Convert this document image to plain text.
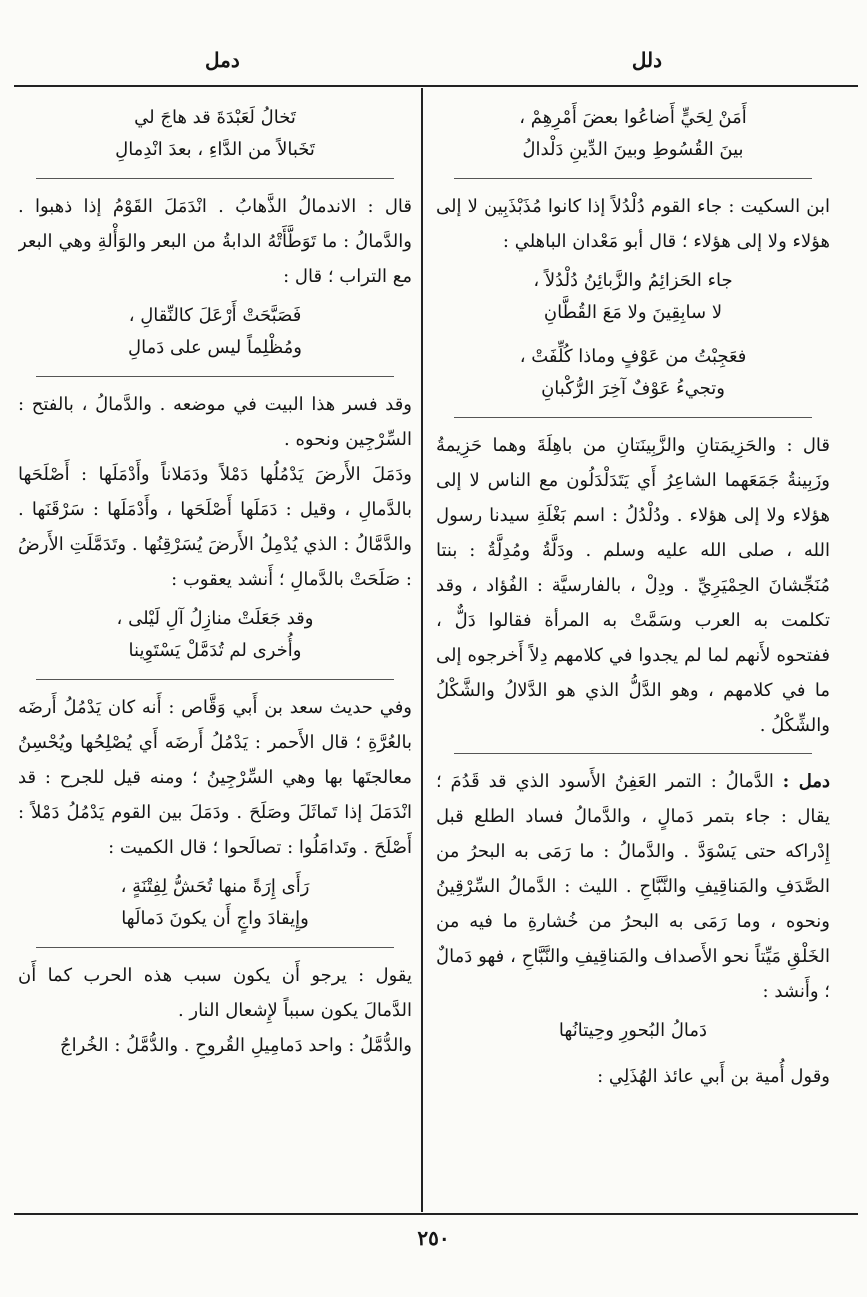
دلل
دمل
أَمَنْ لِحَيٍّ أَضاعُوا بعضَ أَمْرِهِمْ ،
بينَ القُسُوطِ وبينَ الدِّينِ دَلْدالُ

ابن السكيت : جاء القوم دُلْدُلاً إذا كانوا مُذَبْذَبِين لا إلى هؤلاء ولا إلى هؤلاء ؛ قال أبو مَعْدان الباهلي :

جاء الحَزائِمُ والزَّبائِنُ دُلْدُلاً ،
لا سابِقِينَ ولا مَعَ القُطَّانِ
فعَجِبْتُ من عَوْفٍ وماذا كُلِّفَتْ ،
وتجيءُ عَوْفٌ آخِرَ الرُّكْبانِ

قال : والحَزِيمَتانِ والزَّبِينَتانِ من باهِلَةَ وهما حَزِيمةُ وزَبِينةُ جَمَعَهما الشاعِرُ أَي يَتَدَلْدَلُون مع الناس لا إلى هؤلاء ولا إلى هؤلاء . ودُلْدُلُ : اسم بَغْلَةِ سيدنا رسول الله ، صلى الله عليه وسلم . ودَلَّةُ ومُدِلَّةُ : بنتا مُنَجِّشانَ الحِمْيَرِيِّ . ودِلْ ، بالفارسيَّة : الفُؤاد ، وقد تكلمت به العرب وسَمَّتْ به المرأة فقالوا دَلٌّ ، ففتحوه لأَنهم لما لم يجدوا في كلامهم دِلاً أَخرجوه إلى ما في كلامهم ، وهو الدَّلُّ الذي هو الدَّلالُ والشَّكْلُ والشِّكْلُ .

دمل : الدَّمالُ : التمر العَفِنُ الأَسود الذي قد قَدُمَ ؛ يقال : جاء بتمر دَمالٍ ، والدَّمالُ فساد الطلع قبل إِدْراكه حتى يَسْوَدَّ . والدَّمالُ : ما رَمَى به البحرُ من الصَّدَفِ والمَناقِيفِ والنَّبَّاحِ . الليث : الدَّمالُ السِّرْقِينُ ونحوه ، وما رَمَى به البحرُ من خُشارةِ ما فيه من الخَلْقِ مَيِّتاً نحو الأَصداف والمَناقِيفِ والنَّبَّاحِ ، فهو دَمالٌ ؛ وأَنشد :

دَمالُ البُحورِ وحِيتانُها

وقول أُمية بن أَبي عائذ الهُذَلِي :

تَخالُ لَعَبْدَةَ قد هاجَ لي
تَخَبالاً من الدَّاءِ ، بعدَ انْدِمالِ

قال : الاندمالُ الذَّهابُ . انْدَمَلَ القَوْمُ إذا ذهبوا . والدَّمالُ : ما تَوَطَّأَتْهُ الدابةُ من البعر والوَأْلةِ وهي البعر مع التراب ؛ قال :

فَصَبَّحَتْ أَرْعَلَ كالنِّقالِ ،
ومُظْلِماً ليس على دَمالِ

وقد فسر هذا البيت في موضعه . والدَّمالُ ، بالفتح : السِّرْجِين ونحوه .

ودَمَلَ الأَرضَ يَدْمُلُها دَمْلاً ودَمَلاناً وأَدْمَلَها : أَصْلَحَها بالدَّمالِ ، وقيل : دَمَلَها أَصْلَحَها ، وأَدْمَلَها : سَرْقَنَها . والدَّمَّالُ : الذي يُدْمِلُ الأَرضَ يُسَرْقِنُها . وتَدَمَّلَتِ الأَرضُ : صَلَحَتْ بالدَّمالِ ؛ أَنشد يعقوب :

وقد جَعَلَتْ منازِلُ آلِ لَيْلى ،
وأُخرى لم تُدَمَّلْ يَسْتَوِينا

وفي حديث سعد بن أَبي وَقَّاص : أَنه كان يَدْمُلُ أَرضَه بالعُرَّةِ ؛ قال الأَحمر : يَدْمُلُ أَرضَه أَي يُصْلِحُها ويُحْسِنُ معالجتَها بها وهي السِّرْجِينُ ؛ ومنه قيل للجرح : قد انْدَمَلَ إذا تَماثَلَ وصَلَحَ . ودَمَلَ بين القوم يَدْمُلُ دَمْلاً : أَصْلَحَ . وتَدامَلُوا : تصالَحوا ؛ قال الكميت :

رَأَى إِرَةً منها تُحَشُّ لِفِتْنَةٍ ،
وإِيقادَ واجٍ أَن يكونَ دَمالَها

يقول : يرجو أَن يكون سبب هذه الحرب كما أَن الدَّمالَ يكون سبباً لإِشعال النار .

والدُّمَّلُ : واحد دَمامِيلِ القُروحِ . والدُّمَّلُ : الخُراجُ

٢٥٠
